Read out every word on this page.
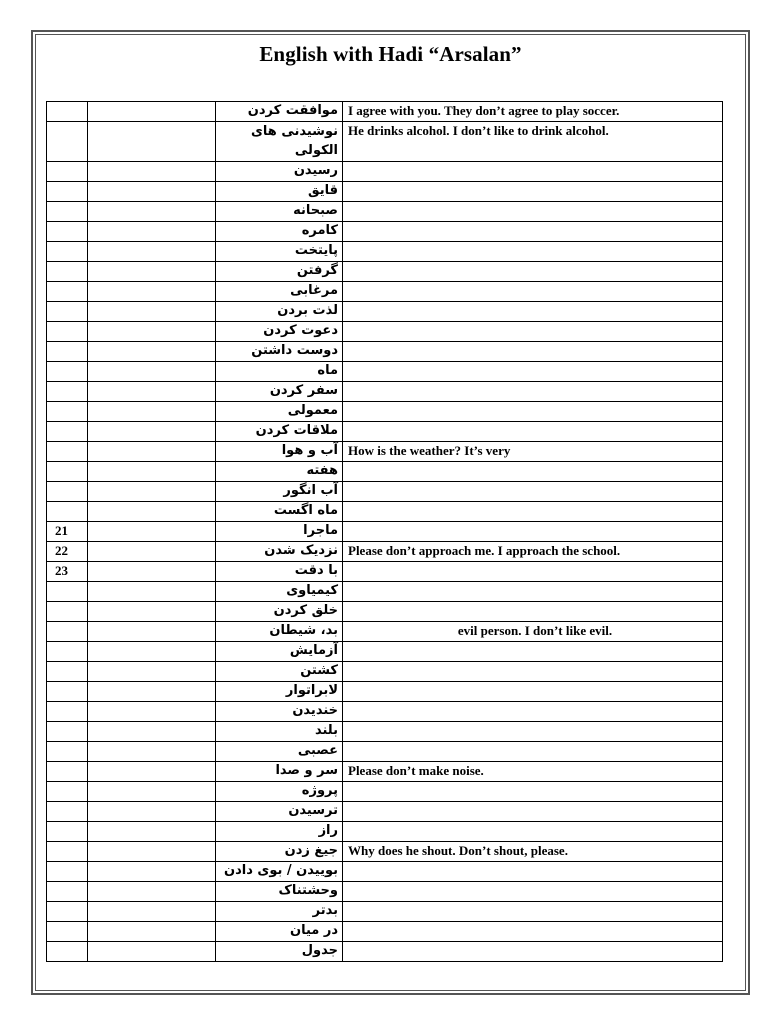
English with Hadi “Arsalan”
		موافقت کردن	I agree with you. They don’t agree to play soccer.
		نوشیدنی های الکولی	He drinks alcohol. I don’t like to drink alcohol.
		رسیدن	
		قایق	
		صبحانه	
		کامره	
		پایتخت	
		گرفتن	
		مرغابی	
		لذت بردن	
		دعوت کردن	
		دوست داشتن	
		ماه	
		سفر کردن	
		معمولی	
		ملاقات کردن	
		آب و هوا	How is the weather? It’s very
		هفته	
		آب انگور	
		ماه اگست	
21		ماجرا	
22		نزدیک شدن	Please don’t approach me. I approach the school.
23		با دقت	
		کیمیاوی	
		خلق کردن	
		بد، شیطان	evil person. I don’t like evil.
		آزمایش	
		کشتن	
		لابراتوار	
		خندیدن	
		بلند	
		عصبی	
		سر و صدا	Please don’t make noise.
		پروژه	
		ترسیدن	
		راز	
		جیغ زدن	Why does he shout. Don’t shout, please.
		بوییدن / بوی دادن	
		وحشتناک	
		بدتر	
		در میان	
		جدول	
